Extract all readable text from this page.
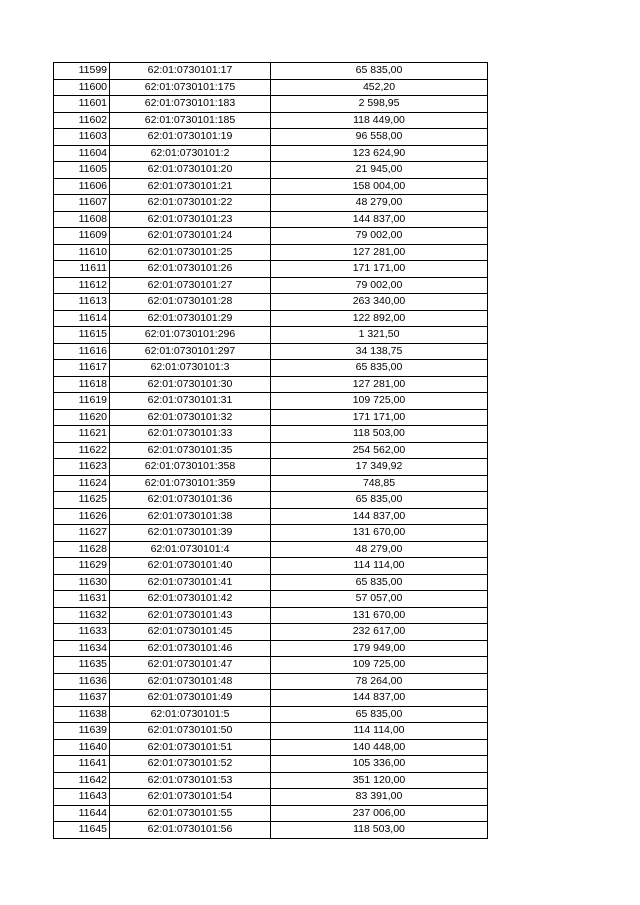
11599	62:01:0730101:17	65 835,00
11600	62:01:0730101:175	452,20
11601	62:01:0730101:183	2 598,95
11602	62:01:0730101:185	118 449,00
11603	62:01:0730101:19	96 558,00
11604	62:01:0730101:2	123 624,90
11605	62:01:0730101:20	21 945,00
11606	62:01:0730101:21	158 004,00
11607	62:01:0730101:22	48 279,00
11608	62:01:0730101:23	144 837,00
11609	62:01:0730101:24	79 002,00
11610	62:01:0730101:25	127 281,00
11611	62:01:0730101:26	171 171,00
11612	62:01:0730101:27	79 002,00
11613	62:01:0730101:28	263 340,00
11614	62:01:0730101:29	122 892,00
11615	62:01:0730101:296	1 321,50
11616	62:01:0730101:297	34 138,75
11617	62:01:0730101:3	65 835,00
11618	62:01:0730101:30	127 281,00
11619	62:01:0730101:31	109 725,00
11620	62:01:0730101:32	171 171,00
11621	62:01:0730101:33	118 503,00
11622	62:01:0730101:35	254 562,00
11623	62:01:0730101:358	17 349,92
11624	62:01:0730101:359	748,85
11625	62:01:0730101:36	65 835,00
11626	62:01:0730101:38	144 837,00
11627	62:01:0730101:39	131 670,00
11628	62:01:0730101:4	48 279,00
11629	62:01:0730101:40	114 114,00
11630	62:01:0730101:41	65 835,00
11631	62:01:0730101:42	57 057,00
11632	62:01:0730101:43	131 670,00
11633	62:01:0730101:45	232 617,00
11634	62:01:0730101:46	179 949,00
11635	62:01:0730101:47	109 725,00
11636	62:01:0730101:48	78 264,00
11637	62:01:0730101:49	144 837,00
11638	62:01:0730101:5	65 835,00
11639	62:01:0730101:50	114 114,00
11640	62:01:0730101:51	140 448,00
11641	62:01:0730101:52	105 336,00
11642	62:01:0730101:53	351 120,00
11643	62:01:0730101:54	83 391,00
11644	62:01:0730101:55	237 006,00
11645	62:01:0730101:56	118 503,00
